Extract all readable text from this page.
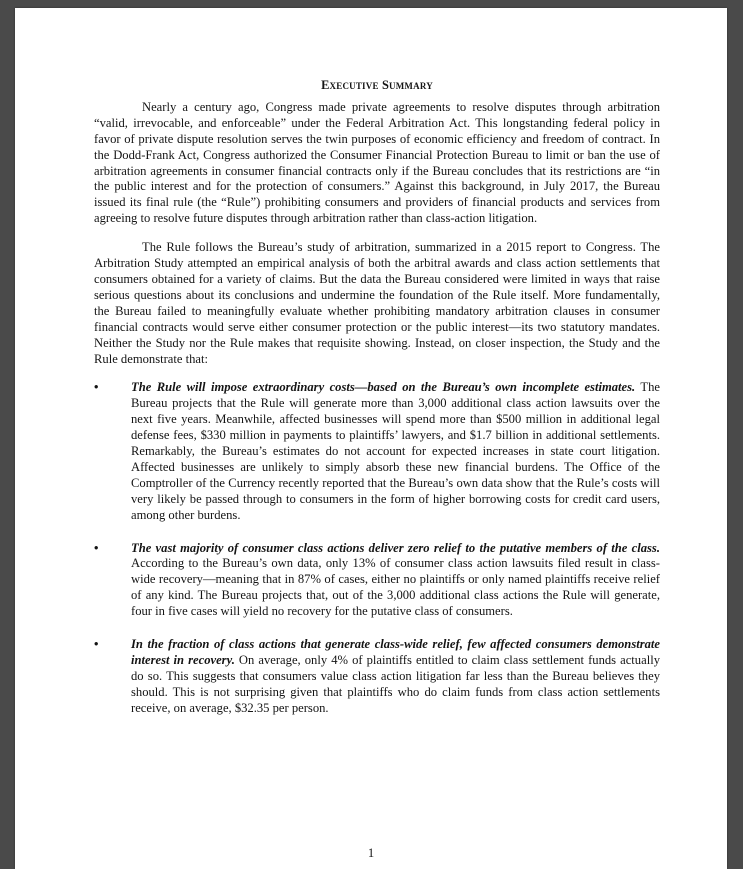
Executive Summary

Nearly a century ago, Congress made private agreements to resolve disputes through arbitration “valid, irrevocable, and enforceable” under the Federal Arbitration Act. This longstanding federal policy in favor of private dispute resolution serves the twin purposes of economic efficiency and freedom of contract. In the Dodd-Frank Act, Congress authorized the Consumer Financial Protection Bureau to limit or ban the use of arbitration agreements in consumer financial contracts only if the Bureau concludes that its restrictions are “in the public interest and for the protection of consumers.” Against this background, in July 2017, the Bureau issued its final rule (the “Rule”) prohibiting consumers and providers of financial products and services from agreeing to resolve future disputes through arbitration rather than class-action litigation.

The Rule follows the Bureau’s study of arbitration, summarized in a 2015 report to Congress. The Arbitration Study attempted an empirical analysis of both the arbitral awards and class action settlements that consumers obtained for a variety of claims. But the data the Bureau considered were limited in ways that raise serious questions about its conclusions and undermine the foundation of the Rule itself. More fundamentally, the Bureau failed to meaningfully evaluate whether prohibiting mandatory arbitration clauses in consumer financial contracts would serve either consumer protection or the public interest—its two statutory mandates. Neither the Study nor the Rule makes that requisite showing. Instead, on closer inspection, the Study and the Rule demonstrate that:

•	The Rule will impose extraordinary costs—based on the Bureau’s own incomplete estimates. The Bureau projects that the Rule will generate more than 3,000 additional class action lawsuits over the next five years. Meanwhile, affected businesses will spend more than $500 million in additional legal defense fees, $330 million in payments to plaintiffs’ lawyers, and $1.7 billion in additional settlements. Remarkably, the Bureau’s estimates do not account for expected increases in state court litigation. Affected businesses are unlikely to simply absorb these new financial burdens. The Office of the Comptroller of the Currency recently reported that the Bureau’s own data show that the Rule’s costs will very likely be passed through to consumers in the form of higher borrowing costs for credit card users, among other burdens.
•	The vast majority of consumer class actions deliver zero relief to the putative members of the class. According to the Bureau’s own data, only 13% of consumer class action lawsuits filed result in class-wide recovery—meaning that in 87% of cases, either no plaintiffs or only named plaintiffs receive relief of any kind. The Bureau projects that, out of the 3,000 additional class actions the Rule will generate, four in five cases will yield no recovery for the putative class of consumers.
•	In the fraction of class actions that generate class-wide relief, few affected consumers demonstrate interest in recovery. On average, only 4% of plaintiffs entitled to claim class settlement funds actually do so. This suggests that consumers value class action litigation far less than the Bureau believes they should. This is not surprising given that plaintiffs who do claim funds from class action settlements receive, on average, $32.35 per person.
1
